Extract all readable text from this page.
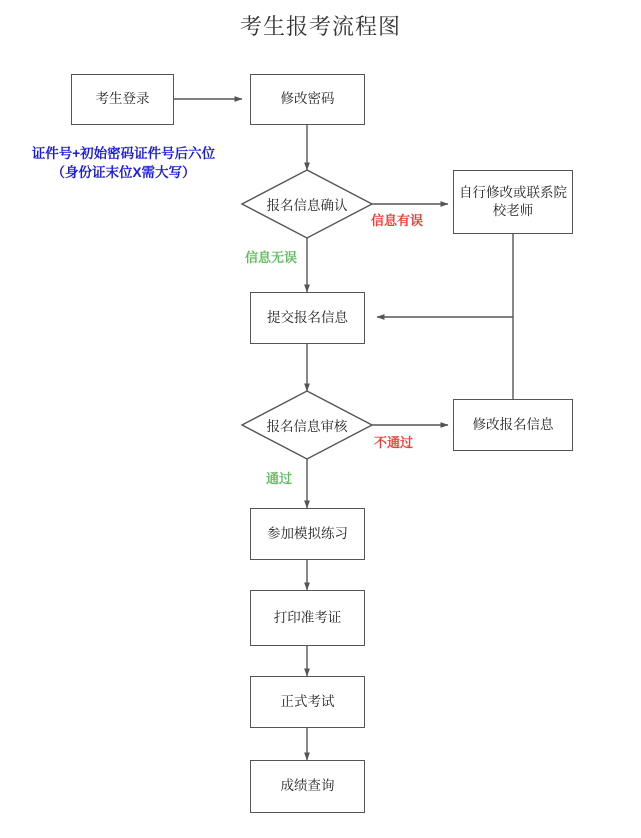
考生报考流程图
考生登录	修改密码
报名信息确认
自行修改或联系院校老师
提交报名信息
报名信息审核	修改报名信息
参加模拟练习
打印准考证
正式考试
成绩查询
证件号+初始密码证件号后六位
（身份证末位X需大写）
信息有误
信息无误
不通过
通过
